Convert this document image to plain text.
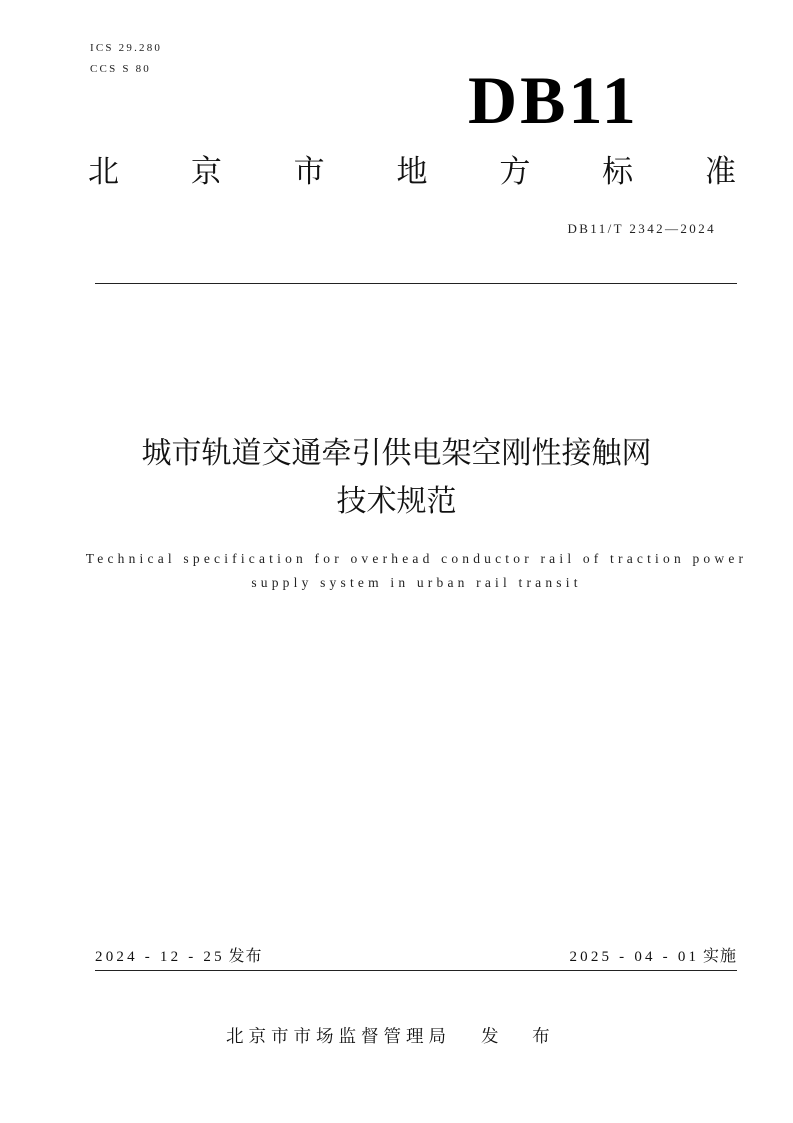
ICS 29.280
CCS S 80	DB11
北 京 市 地 方 标 准
DB11/T 2342—2024
城市轨道交通牵引供电架空刚性接触网
技术规范
Technical specification for overhead conductor rail of traction power
supply system in urban rail transit
2024 - 12 - 25 发布	2025 - 04 - 01 实施
北京市市场监督管理局 发 布
